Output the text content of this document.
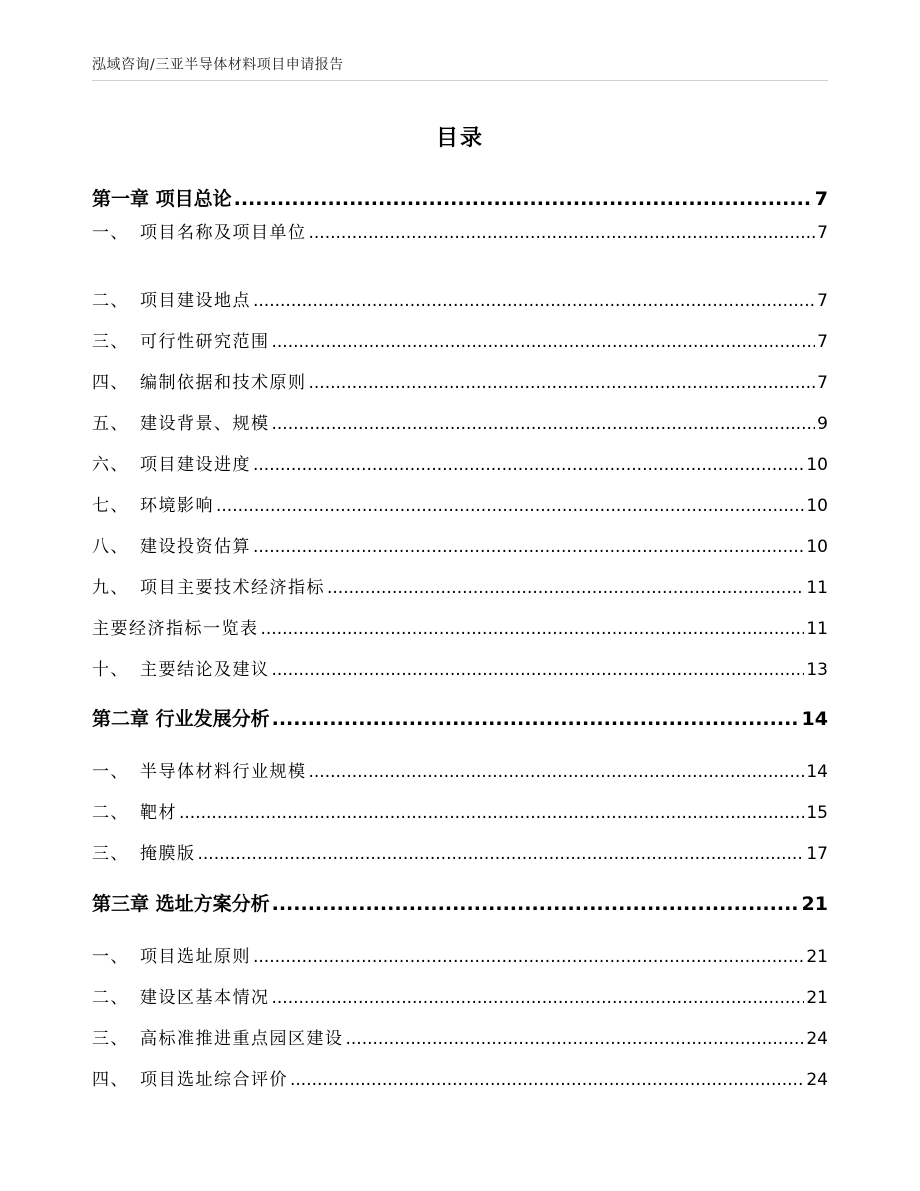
泓域咨询/三亚半导体材料项目申请报告
目录
第一章 项目总论 .....	7
一、 项目名称及项目单位 .....	7
二、 项目建设地点 .....	7
三、 可行性研究范围 .....	7
四、 编制依据和技术原则 .....	7
五、 建设背景、规模 .....	9
六、 项目建设进度 .....	10
七、 环境影响 .....	10
八、 建设投资估算 .....	10
九、 项目主要技术经济指标 .....	11
主要经济指标一览表 .....	11
十、 主要结论及建议 .....	13
第二章 行业发展分析 .....	14
一、 半导体材料行业规模 .....	14
二、 靶材 .....	15
三、 掩膜版 .....	17
第三章 选址方案分析 .....	21
一、 项目选址原则 .....	21
二、 建设区基本情况 .....	21
三、 高标准推进重点园区建设 .....	24
四、 项目选址综合评价 .....	24
